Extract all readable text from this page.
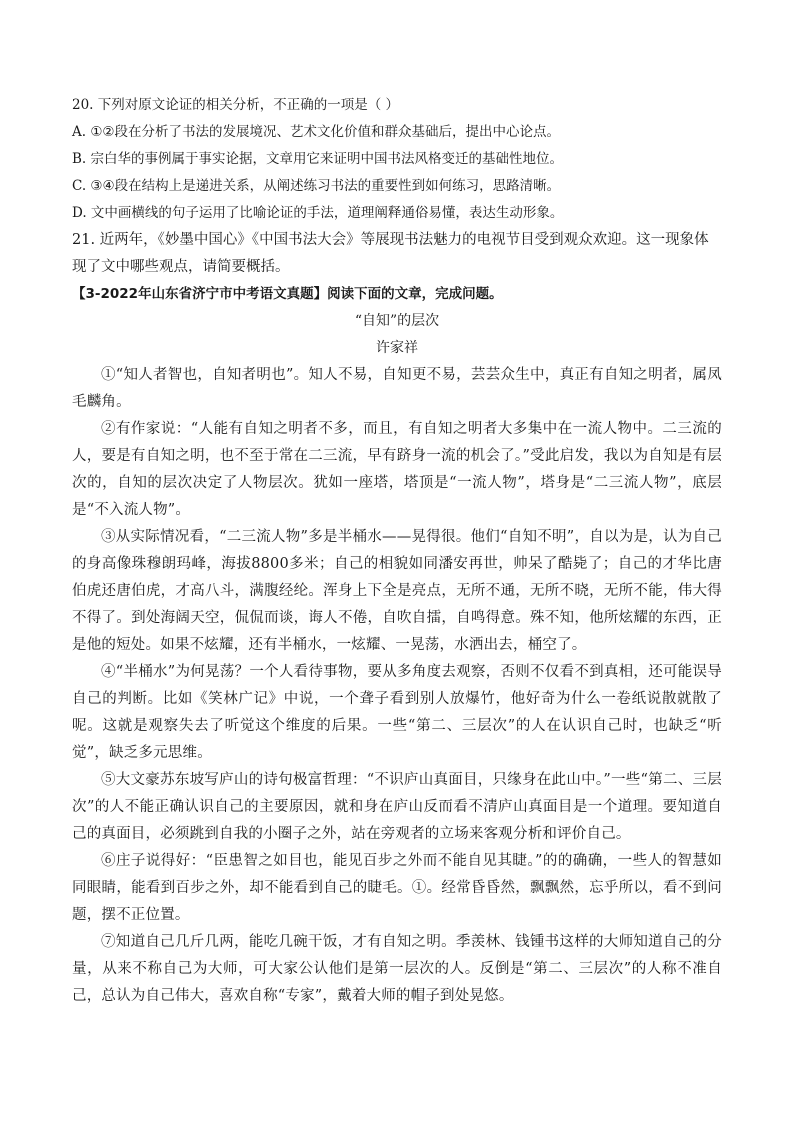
20. 下列对原文论证的相关分析，不正确的一项是（ ）

A. ①②段在分析了书法的发展境况、艺术文化价值和群众基础后，提出中心论点。

B. 宗白华的事例属于事实论据，文章用它来证明中国书法风格变迁的基础性地位。

C. ③④段在结构上是递进关系，从阐述练习书法的重要性到如何练习，思路清晰。

D. 文中画横线的句子运用了比喻论证的手法，道理阐释通俗易懂，表达生动形象。

21. 近两年，《妙墨中国心》《中国书法大会》等展现书法魅力的电视节目受到观众欢迎。这一现象体现了文中哪些观点，请简要概括。

【3-2022年山东省济宁市中考语文真题】阅读下面的文章，完成问题。

“自知”的层次

许家祥

①“知人者智也，自知者明也”。知人不易，自知更不易，芸芸众生中，真正有自知之明者，属凤毛麟角。

②有作家说：“人能有自知之明者不多，而且，有自知之明者大多集中在一流人物中。二三流的人，要是有自知之明，也不至于常在二三流，早有跻身一流的机会了。”受此启发，我以为自知是有层次的，自知的层次决定了人物层次。犹如一座塔，塔顶是“一流人物”，塔身是“二三流人物”，底层是“不入流人物”。

③从实际情况看，“二三流人物”多是半桶水——晃得很。他们“自知不明”，自以为是，认为自己的身高像珠穆朗玛峰，海拔8800多米；自己的相貌如同潘安再世，帅呆了酷毙了；自己的才华比唐伯虎还唐伯虎，才高八斗，满腹经纶。浑身上下全是亮点，无所不通，无所不晓，无所不能，伟大得不得了。到处海阔天空，侃侃而谈，诲人不倦，自吹自擂，自鸣得意。殊不知，他所炫耀的东西，正是他的短处。如果不炫耀，还有半桶水，一炫耀、一晃荡，水洒出去，桶空了。

④“半桶水”为何晃荡？一个人看待事物，要从多角度去观察，否则不仅看不到真相，还可能误导自己的判断。比如《笑林广记》中说，一个聋子看到别人放爆竹，他好奇为什么一卷纸说散就散了呢。这就是观察失去了听觉这个维度的后果。一些“第二、三层次”的人在认识自己时，也缺乏“听觉”，缺乏多元思维。

⑤大文豪苏东坡写庐山的诗句极富哲理：“不识庐山真面目，只缘身在此山中。”一些“第二、三层次”的人不能正确认识自己的主要原因，就和身在庐山反而看不清庐山真面目是一个道理。要知道自己的真面目，必须跳到自我的小圈子之外，站在旁观者的立场来客观分析和评价自己。

⑥庄子说得好：“臣患智之如目也，能见百步之外而不能自见其睫。”的的确确，一些人的智慧如同眼睛，能看到百步之外，却不能看到自己的睫毛。①。经常昏昏然，飘飘然，忘乎所以，看不到问题，摆不正位置。

⑦知道自己几斤几两，能吃几碗干饭，才有自知之明。季羡林、钱锺书这样的大师知道自己的分量，从来不称自己为大师，可大家公认他们是第一层次的人。反倒是“第二、三层次”的人称不准自己，总认为自己伟大，喜欢自称“专家”，戴着大师的帽子到处晃悠。
